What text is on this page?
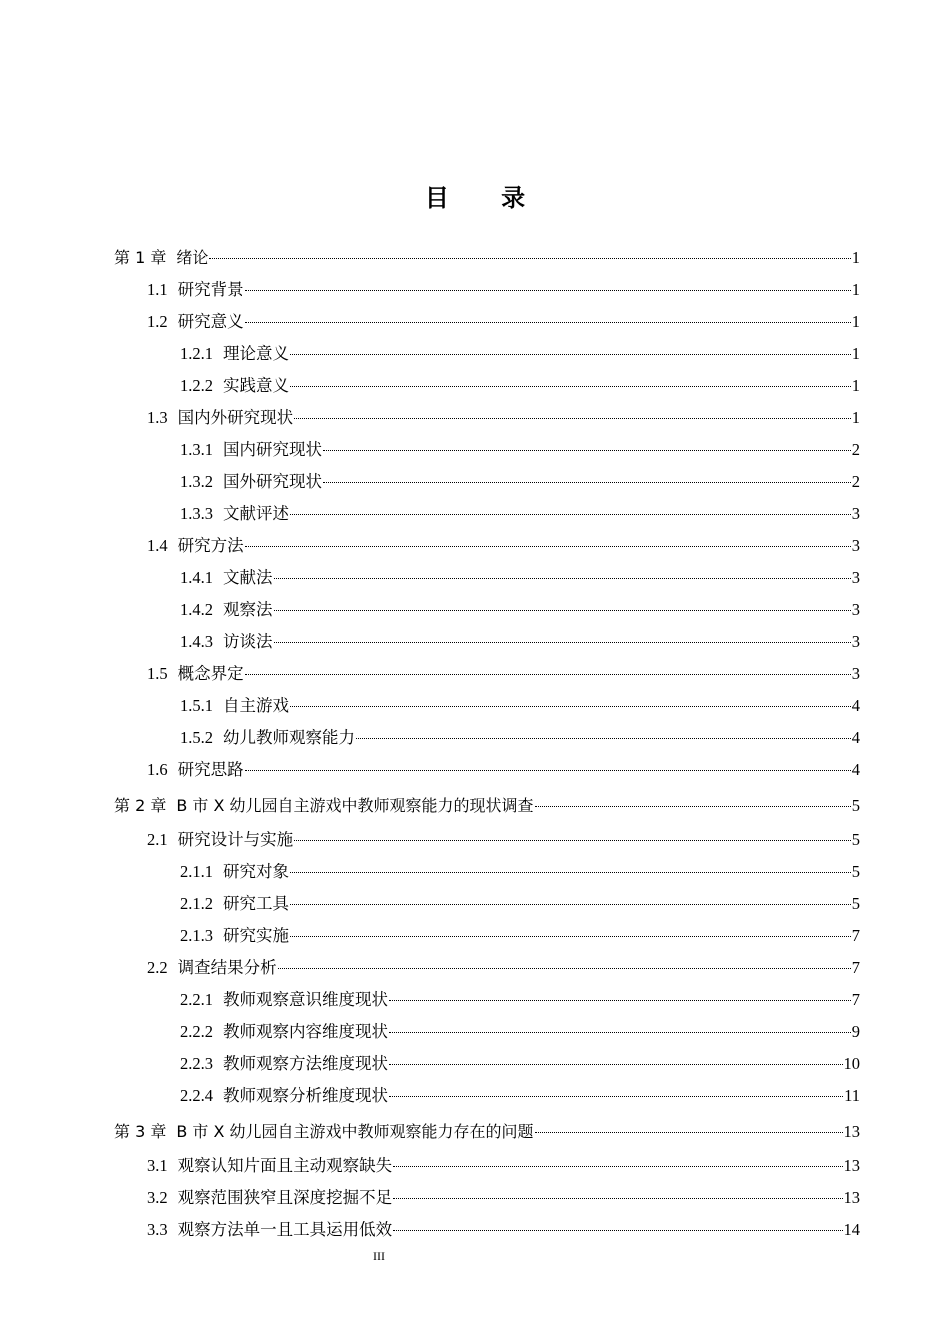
目 录
第 1 章 绪论	1
1.1 研究背景	1
1.2 研究意义	1
1.2.1 理论意义	1
1.2.2 实践意义	1
1.3 国内外研究现状	1
1.3.1 国内研究现状	2
1.3.2 国外研究现状	2
1.3.3 文献评述	3
1.4 研究方法	3
1.4.1 文献法	3
1.4.2 观察法	3
1.4.3 访谈法	3
1.5 概念界定	3
1.5.1 自主游戏	4
1.5.2 幼儿教师观察能力	4
1.6 研究思路	4
第 2 章 B 市 X 幼儿园自主游戏中教师观察能力的现状调查	5
2.1 研究设计与实施	5
2.1.1 研究对象	5
2.1.2 研究工具	5
2.1.3 研究实施	7
2.2 调查结果分析	7
2.2.1 教师观察意识维度现状	7
2.2.2 教师观察内容维度现状	9
2.2.3 教师观察方法维度现状	10
2.2.4 教师观察分析维度现状	11
第 3 章 B 市 X 幼儿园自主游戏中教师观察能力存在的问题	13
3.1 观察认知片面且主动观察缺失	13
3.2 观察范围狭窄且深度挖掘不足	13
3.3 观察方法单一且工具运用低效	14
III
